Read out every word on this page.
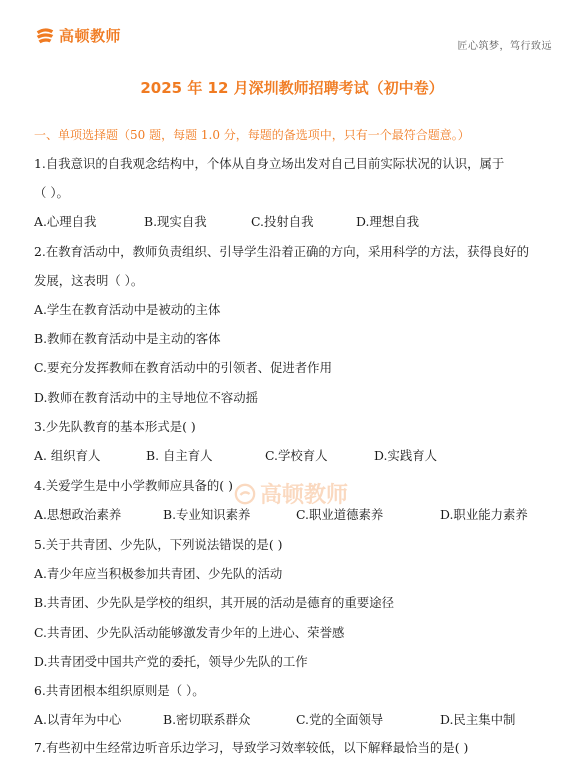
高顿教师
匠心筑梦，笃行致远
2025 年 12 月深圳教师招聘考试（初中卷）
一、单项选择题（50 题，每题 1.0 分，每题的备选项中，只有一个最符合题意。）
1.自我意识的自我观念结构中，个体从自身立场出发对自己目前实际状况的认识，属于
（ ）。
A.心理自我	B.现实自我	C.投射自我	D.理想自我
2.在教育活动中，教师负责组织、引导学生沿着正确的方向，采用科学的方法，获得良好的
发展，这表明（ ）。
A.学生在教育活动中是被动的主体
B.教师在教育活动中是主动的客体
C.要充分发挥教师在教育活动中的引领者、促进者作用
D.教师在教育活动中的主导地位不容动摇
3.少先队教育的基本形式是( )
A. 组织育人	B. 自主育人	C.学校育人	D.实践育人
高顿教师
4.关爱学生是中小学教师应具备的( )
A.思想政治素养	B.专业知识素养	C.职业道德素养	D.职业能力素养
5.关于共青团、少先队，下列说法错误的是( )
A.青少年应当积极参加共青团、少先队的活动
B.共青团、少先队是学校的组织，其开展的活动是德育的重要途径
C.共青团、少先队活动能够激发青少年的上进心、荣誉感
D.共青团受中国共产党的委托，领导少先队的工作
6.共青团根本组织原则是（ ）。
A.以青年为中心	B.密切联系群众	C.党的全面领导	D.民主集中制
7.有些初中生经常边听音乐边学习，导致学习效率较低，以下解释最恰当的是( )
